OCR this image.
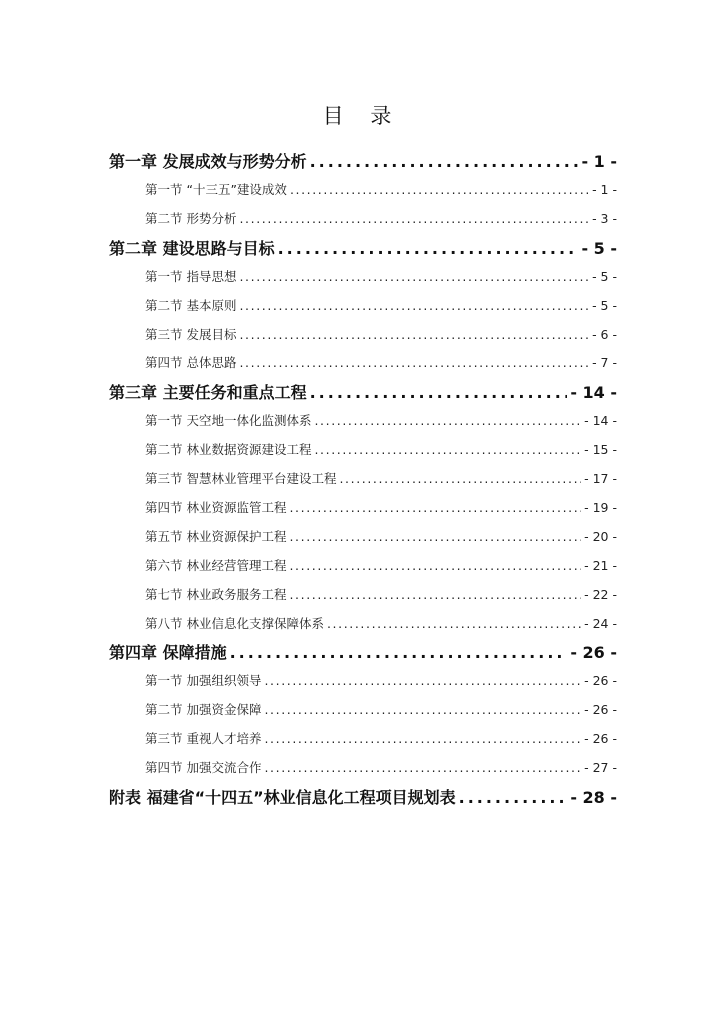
目 录
第一章 发展成效与形势分析 .....	- 1 -
第一节 “十三五”建设成效 .....	- 1 -
第二节 形势分析 .....	- 3 -
第二章 建设思路与目标 .....	- 5 -
第一节 指导思想 .....	- 5 -
第二节 基本原则 .....	- 5 -
第三节 发展目标 .....	- 6 -
第四节 总体思路 .....	- 7 -
第三章 主要任务和重点工程 .....	- 14 -
第一节 天空地一体化监测体系 .....	- 14 -
第二节 林业数据资源建设工程 .....	- 15 -
第三节 智慧林业管理平台建设工程 .....	- 17 -
第四节 林业资源监管工程 .....	- 19 -
第五节 林业资源保护工程 .....	- 20 -
第六节 林业经营管理工程 .....	- 21 -
第七节 林业政务服务工程 .....	- 22 -
第八节 林业信息化支撑保障体系 .....	- 24 -
第四章 保障措施 .....	- 26 -
第一节 加强组织领导 .....	- 26 -
第二节 加强资金保障 .....	- 26 -
第三节 重视人才培养 .....	- 26 -
第四节 加强交流合作 .....	- 27 -
附表 福建省“十四五”林业信息化工程项目规划表 .....	- 28 -
